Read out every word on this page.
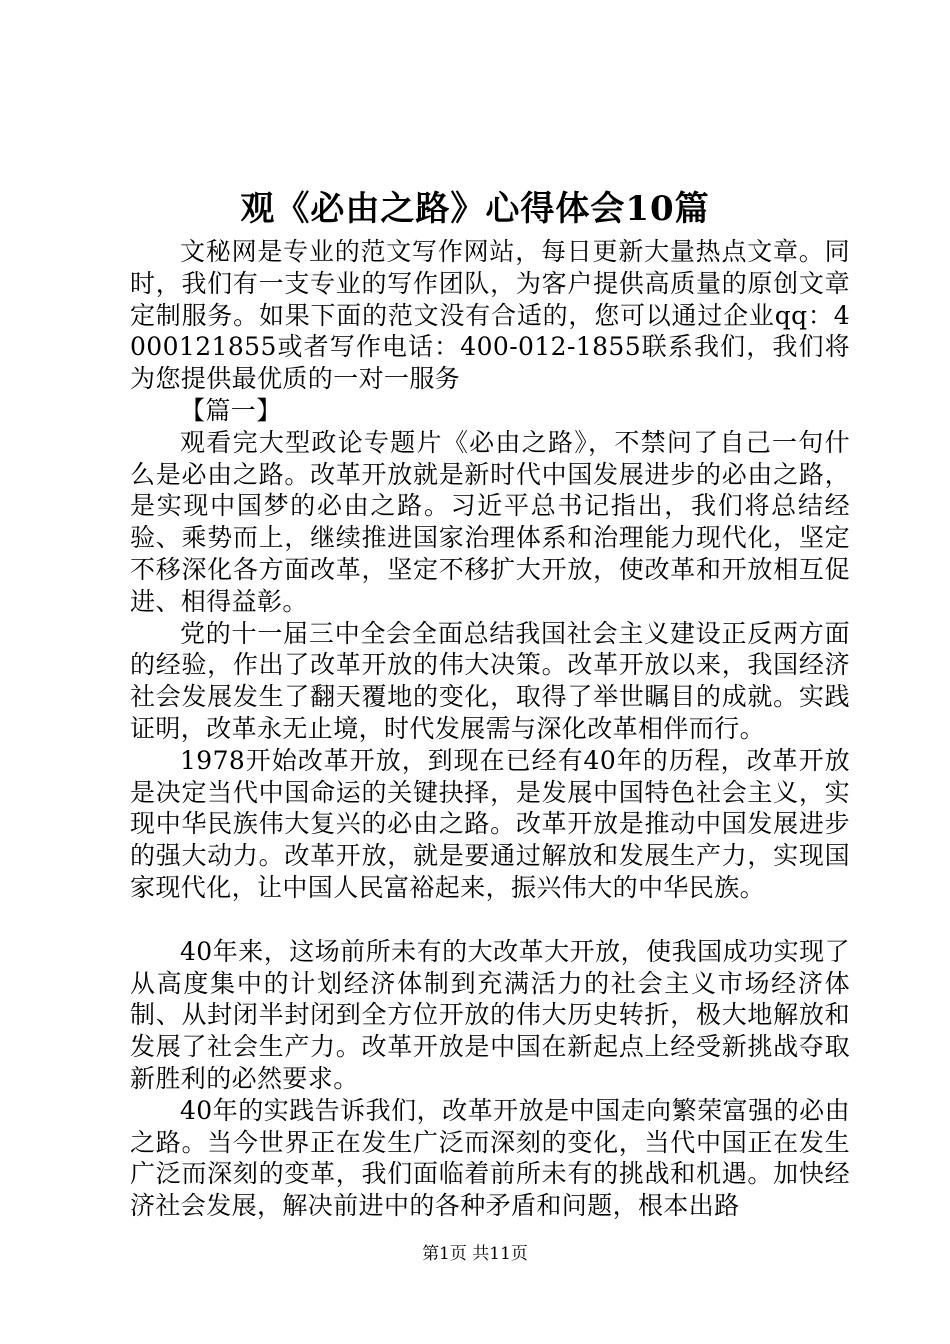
观《必由之路》心得体会10篇

文秘网是专业的范文写作网站，每日更新大量热点文章。同时，我们有一支专业的写作团队，为客户提供高质量的原创文章定制服务。如果下面的范文没有合适的，您可以通过企业qq：4000121855或者写作电话：400-012-1855联系我们，我们将为您提供最优质的一对一服务

【篇一】

观看完大型政论专题片《必由之路》，不禁问了自己一句什么是必由之路。改革开放就是新时代中国发展进步的必由之路，是实现中国梦的必由之路。习近平总书记指出，我们将总结经验、乘势而上，继续推进国家治理体系和治理能力现代化，坚定不移深化各方面改革，坚定不移扩大开放，使改革和开放相互促进、相得益彰。

党的十一届三中全会全面总结我国社会主义建设正反两方面的经验，作出了改革开放的伟大决策。改革开放以来，我国经济社会发展发生了翻天覆地的变化，取得了举世瞩目的成就。实践证明，改革永无止境，时代发展需与深化改革相伴而行。

1978开始改革开放，到现在已经有40年的历程，改革开放是决定当代中国命运的关键抉择，是发展中国特色社会主义，实现中华民族伟大复兴的必由之路。改革开放是推动中国发展进步的强大动力。改革开放，就是要通过解放和发展生产力，实现国家现代化，让中国人民富裕起来，振兴伟大的中华民族。

40年来，这场前所未有的大改革大开放，使我国成功实现了从高度集中的计划经济体制到充满活力的社会主义市场经济体制、从封闭半封闭到全方位开放的伟大历史转折，极大地解放和发展了社会生产力。改革开放是中国在新起点上经受新挑战夺取新胜利的必然要求。

40年的实践告诉我们，改革开放是中国走向繁荣富强的必由之路。当今世界正在发生广泛而深刻的变化，当代中国正在发生广泛而深刻的变革，我们面临着前所未有的挑战和机遇。加快经济社会发展，解决前进中的各种矛盾和问题，根本出路

第1页 共11页
